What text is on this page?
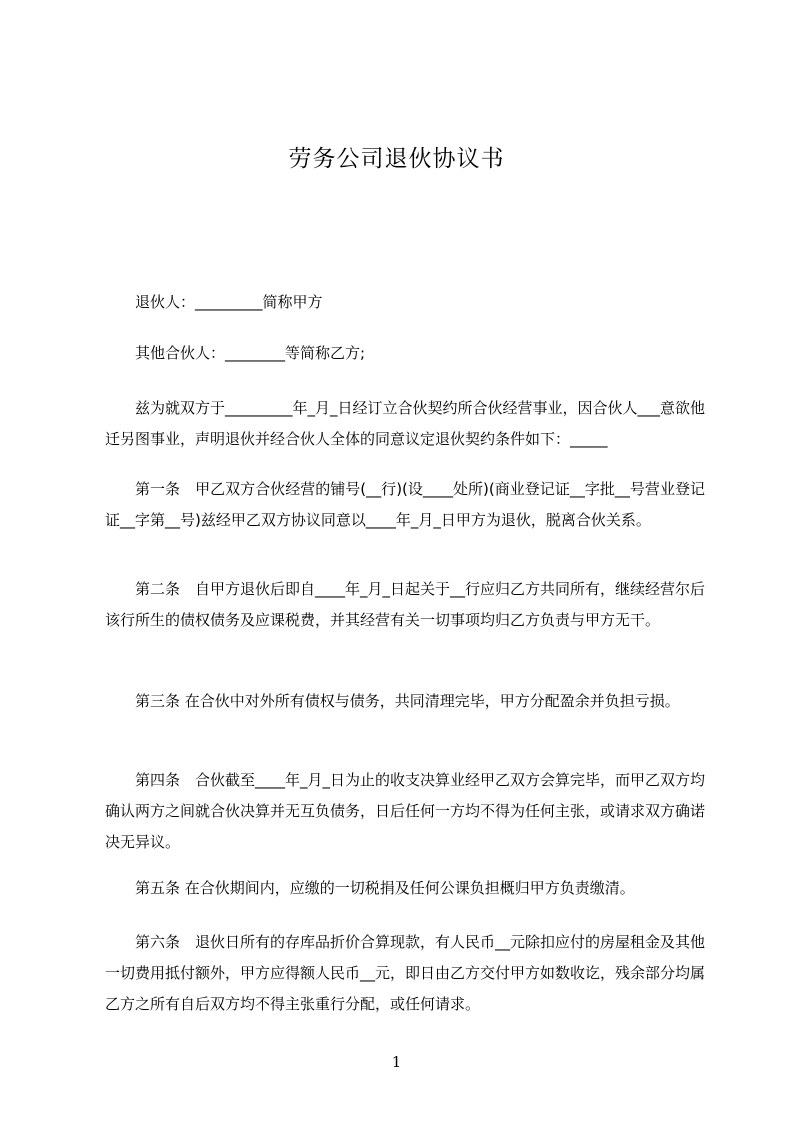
劳务公司退伙协议书
退伙人：_________简称甲方
其他合伙人：________等简称乙方;
兹为就双方于_________年_月_日经订立合伙契约所合伙经营事业，因合伙人___意欲他迁另图事业，声明退伙并经合伙人全体的同意议定退伙契约条件如下：_____
第一条　甲乙双方合伙经营的铺号(__行)(设____处所)(商业登记证__字批__号营业登记证__字第__号)兹经甲乙双方协议同意以____年_月_日甲方为退伙，脱离合伙关系。
第二条　自甲方退伙后即自____年_月_日起关于__行应归乙方共同所有，继续经营尔后该行所生的债权债务及应课税费，并其经营有关一切事项均归乙方负责与甲方无干。
第三条 在合伙中对外所有债权与债务，共同清理完毕，甲方分配盈余并负担亏损。
第四条　合伙截至____年_月_日为止的收支决算业经甲乙双方会算完毕，而甲乙双方均确认两方之间就合伙决算并无互负债务，日后任何一方均不得为任何主张，或请求双方确诺决无异议。
第五条 在合伙期间内，应缴的一切税捐及任何公课负担概归甲方负责缴清。
第六条　退伙日所有的存库品折价合算现款，有人民币__元除扣应付的房屋租金及其他一切费用抵付额外，甲方应得额人民币__元，即日由乙方交付甲方如数收讫，残余部分均属乙方之所有自后双方均不得主张重行分配，或任何请求。
1
